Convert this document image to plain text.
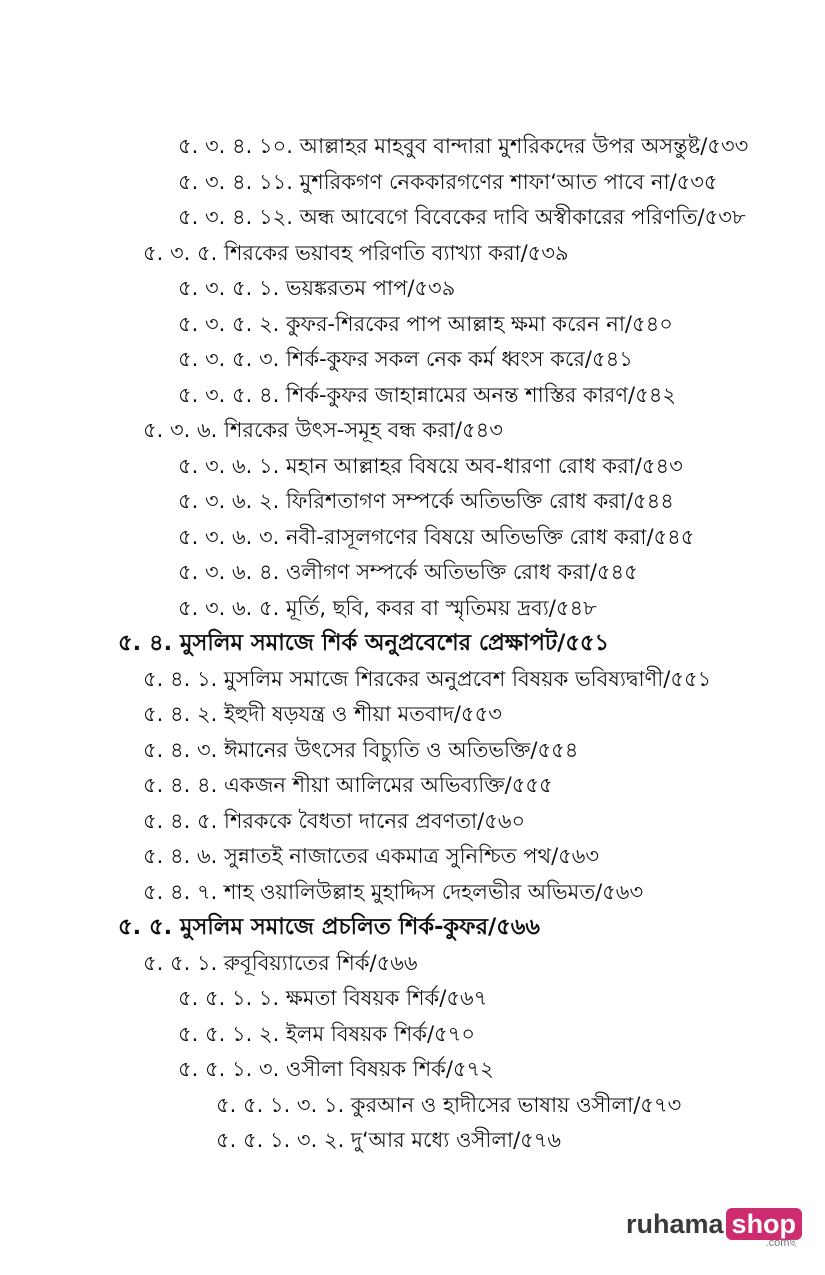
৫. ৩. ৪. ১০. আল্লাহর মাহবুব বান্দারা মুশরিকদের উপর অসন্তুষ্ট/৫৩৩
৫. ৩. ৪. ১১. মুশরিকগণ নেককারগণের শাফা‘আত পাবে না/৫৩৫
৫. ৩. ৪. ১২. অন্ধ আবেগে বিবেকের দাবি অস্বীকারের পরিণতি/৫৩৮
৫. ৩. ৫. শিরকের ভয়াবহ পরিণতি ব্যাখ্যা করা/৫৩৯
৫. ৩. ৫. ১. ভয়ঙ্করতম পাপ/৫৩৯
৫. ৩. ৫. ২. কুফর-শিরকের পাপ আল্লাহ ক্ষমা করেন না/৫৪০
৫. ৩. ৫. ৩. শির্ক-কুফর সকল নেক কর্ম ধ্বংস করে/৫৪১
৫. ৩. ৫. ৪. শির্ক-কুফর জাহান্নামের অনন্ত শাস্তির কারণ/৫৪২
৫. ৩. ৬. শিরকের উৎস-সমূহ বন্ধ করা/৫৪৩
৫. ৩. ৬. ১. মহান আল্লাহর বিষয়ে অব-ধারণা রোধ করা/৫৪৩
৫. ৩. ৬. ২. ফিরিশতাগণ সম্পর্কে অতিভক্তি রোধ করা/৫৪৪
৫. ৩. ৬. ৩. নবী-রাসূলগণের বিষয়ে অতিভক্তি রোধ করা/৫৪৫
৫. ৩. ৬. ৪. ওলীগণ সম্পর্কে অতিভক্তি রোধ করা/৫৪৫
৫. ৩. ৬. ৫. মূর্তি, ছবি, কবর বা স্মৃতিময় দ্রব্য/৫৪৮
৫. ৪. মুসলিম সমাজে শির্ক অনুপ্রবেশের প্রেক্ষাপট/৫৫১
৫. ৪. ১. মুসলিম সমাজে শিরকের অনুপ্রবেশ বিষয়ক ভবিষ্যদ্বাণী/৫৫১
৫. ৪. ২. ইহুদী ষড়যন্ত্র ও শীয়া মতবাদ/৫৫৩
৫. ৪. ৩. ঈমানের উৎসের বিচ্যুতি ও অতিভক্তি/৫৫৪
৫. ৪. ৪. একজন শীয়া আলিমের অভিব্যক্তি/৫৫৫
৫. ৪. ৫. শিরককে বৈধতা দানের প্রবণতা/৫৬০
৫. ৪. ৬. সুন্নাতই নাজাতের একমাত্র সুনিশ্চিত পথ/৫৬৩
৫. ৪. ৭. শাহ ওয়ালিউল্লাহ মুহাদ্দিস দেহলভীর অভিমত/৫৬৩
৫. ৫. মুসলিম সমাজে প্রচলিত শির্ক-কুফর/৫৬৬
৫. ৫. ১. রুবূবিয়্যাতের শির্ক/৫৬৬
৫. ৫. ১. ১. ক্ষমতা বিষয়ক শির্ক/৫৬৭
৫. ৫. ১. ২. ইলম বিষয়ক শির্ক/৫৭০
৫. ৫. ১. ৩. ওসীলা বিষয়ক শির্ক/৫৭২
৫. ৫. ১. ৩. ১. কুরআন ও হাদীসের ভাষায় ওসীলা/৫৭৩
৫. ৫. ১. ৩. ২. দু‘আর মধ্যে ওসীলা/৫৭৬
ruhama shop
.comছ
